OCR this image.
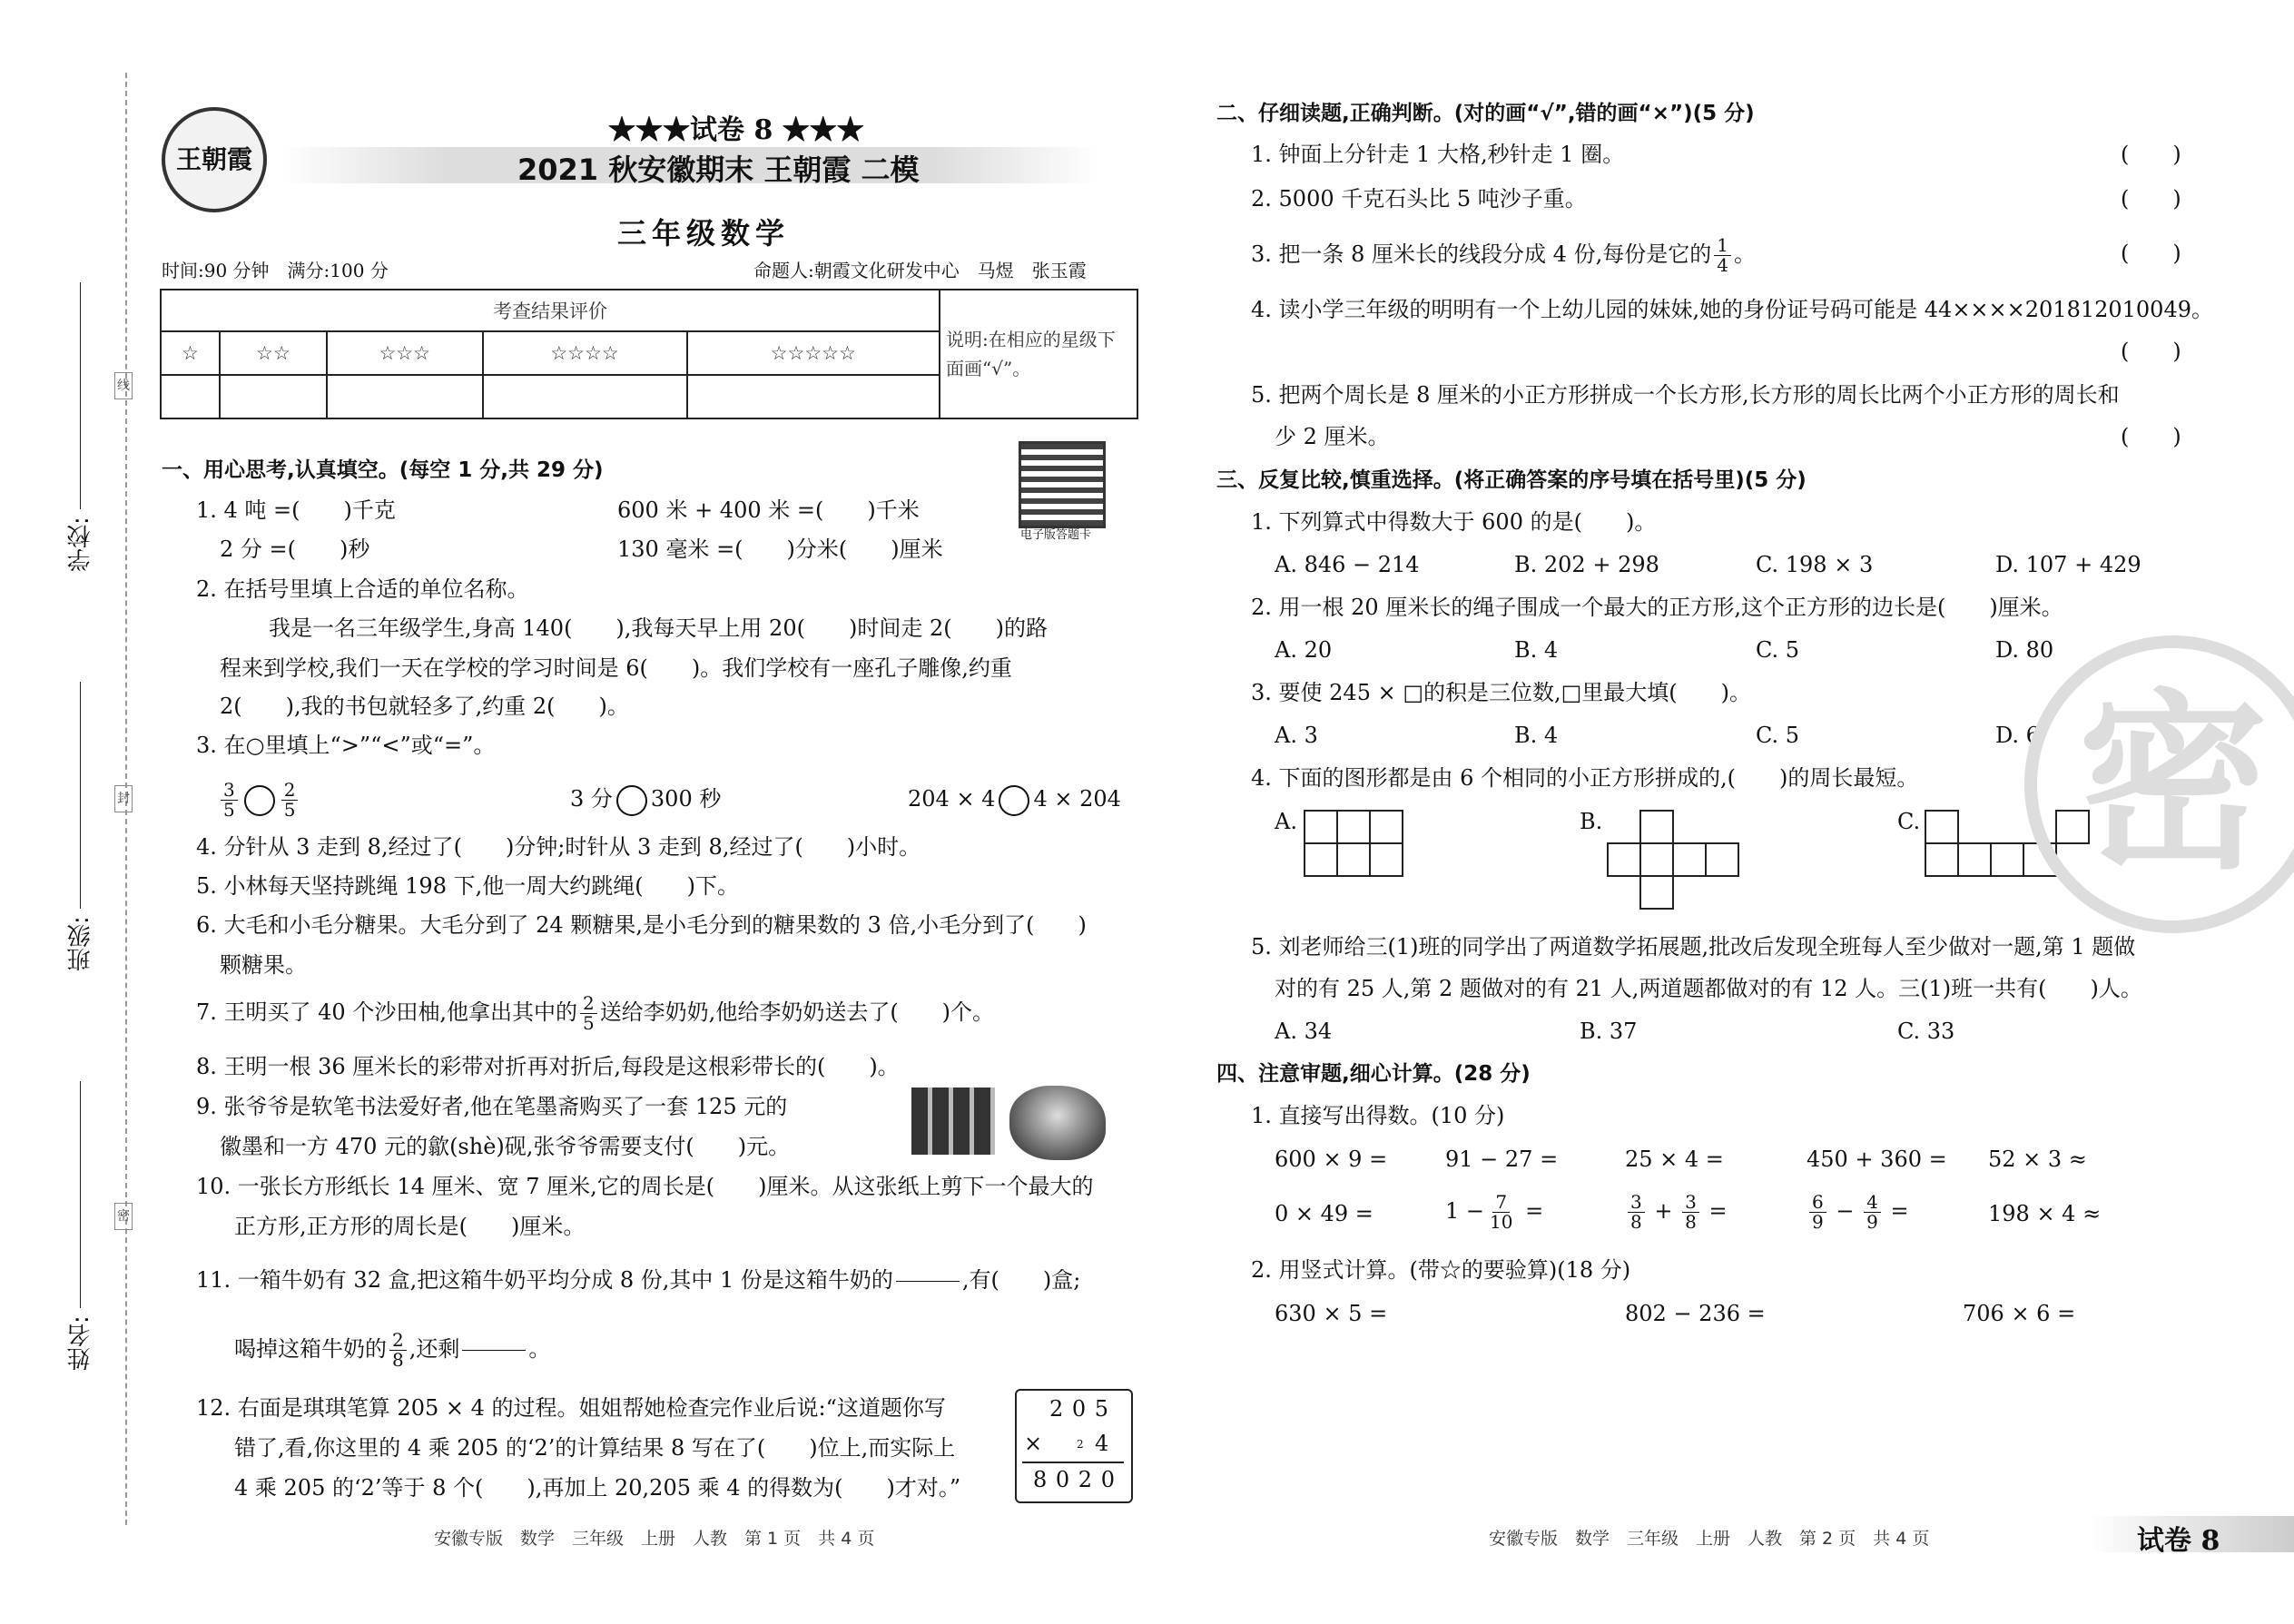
学校:
班级:
姓名:
线
封
密
王朝霞
★★★试卷 8 ★★★
2021 秋安徽期末 王朝霞 二模
三年级数学
时间:90 分钟　满分:100 分	命题人:朝霞文化研发中心　马煜　张玉霞
考查结果评价					说明:在相应的星级下面画“√”。
☆	☆☆	☆☆☆	☆☆☆☆	☆☆☆☆☆	

电子版答题卡
一、用心思考,认真填空。(每空 1 分,共 29 分)
1. 4 吨 =(　　)千克	600 米 + 400 米 =(　　)千米
2 分 =(　　)秒	130 毫米 =(　　)分米(　　)厘米
2. 在括号里填上合适的单位名称。
我是一名三年级学生,身高 140(　　),我每天早上用 20(　　)时间走 2(　　)的路
程来到学校,我们一天在学校的学习时间是 6(　　)。我们学校有一座孔子雕像,约重
2(　　),我的书包就轻多了,约重 2(　　)。
3. 在○里填上“>”“<”或“=”。
$\frac{3}{5} \frac{2}{5}$	3 分 300 秒	204 × 4 4 × 204
4. 分针从 3 走到 8,经过了(　　)分钟;时针从 3 走到 8,经过了(　　)小时。
5. 小林每天坚持跳绳 198 下,他一周大约跳绳(　　)下。
6. 大毛和小毛分糖果。大毛分到了 24 颗糖果,是小毛分到的糖果数的 3 倍,小毛分到了(　　)
颗糖果。
7. 王明买了 40 个沙田柚,他拿出其中的 $\frac{2}{5}$ 送给李奶奶,他给李奶奶送去了(　　)个。
8. 王明一根 36 厘米长的彩带对折再对折后,每段是这根彩带长的(　　)。
9. 张爷爷是软笔书法爱好者,他在笔墨斋购买了一套 125 元的
徽墨和一方 470 元的歙(shè)砚,张爷爷需要支付(　　)元。
10. 一张长方形纸长 14 厘米、宽 7 厘米,它的周长是(　　)厘米。从这张纸上剪下一个最大的
正方形,正方形的周长是(　　)厘米。
11. 一箱牛奶有 32 盒,把这箱牛奶平均分成 8 份,其中 1 份是这箱牛奶的

	,有(　　)盒;
喝掉这箱牛奶的 $\frac{2}{8}$ ,还剩

	。
12. 右面是琪琪笔算 205 × 4 的过程。姐姐帮她检查完作业后说:“这道题你写
错了,看,你这里的 4 乘 205 的‘2’的计算结果 8 写在了(　　)位上,而实际上
4 乘 205 的‘2’等于 8 个(　　),再加上 20,205 乘 4 的得数为(　　)才对。”
2 0 5
×	2 4
8 0 2 0
二、仔细读题,正确判断。(对的画“√”,错的画“×”)(5 分)
1. 钟面上分针走 1 大格,秒针走 1 圈。	(　　)
2. 5000 千克石头比 5 吨沙子重。	(　　)
3. 把一条 8 厘米长的线段分成 4 份,每份是它的 $\frac{1}{4}$ 。	(　　)
4. 读小学三年级的明明有一个上幼儿园的妹妹,她的身份证号码可能是 44××××201812010049。
(　　)
5. 把两个周长是 8 厘米的小正方形拼成一个长方形,长方形的周长比两个小正方形的周长和
少 2 厘米。	(　　)
三、反复比较,慎重选择。(将正确答案的序号填在括号里)(5 分)
1. 下列算式中得数大于 600 的是(　　)。
A. 846 − 214	B. 202 + 298	C. 198 × 3	D. 107 + 429
2. 用一根 20 厘米长的绳子围成一个最大的正方形,这个正方形的边长是(　　)厘米。
A. 20	B. 4	C. 5	D. 80
3. 要使 245 × □的积是三位数,□里最大填(　　)。
A. 3	B. 4	C. 5	D. 6
4. 下面的图形都是由 6 个相同的小正方形拼成的,(　　)的周长最短。
A.	B.	C.
5. 刘老师给三(1)班的同学出了两道数学拓展题,批改后发现全班每人至少做对一题,第 1 题做
对的有 25 人,第 2 题做对的有 21 人,两道题都做对的有 12 人。三(1)班一共有(　　)人。
A. 34	B. 37	C. 33
四、注意审题,细心计算。(28 分)
1. 直接写出得数。(10 分)
600 × 9 =	91 − 27 =	25 × 4 =	450 + 360 = 52 × 3 ≈
0 × 49 =	$1 - \frac{7}{10}$ =	$\frac{3}{8} + \frac{3}{8}$ =	$\frac{6}{9} - \frac{4}{9}$ =	198 × 4 ≈
2. 用竖式计算。(带☆的要验算)(18 分)
630 × 5 =	802 − 236 =	706 × 6 =
密
安徽专版　数学　三年级　上册　人教　第 1 页　共 4 页	安徽专版　数学　三年级　上册　人教　第 2 页　共 4 页	试卷 8
